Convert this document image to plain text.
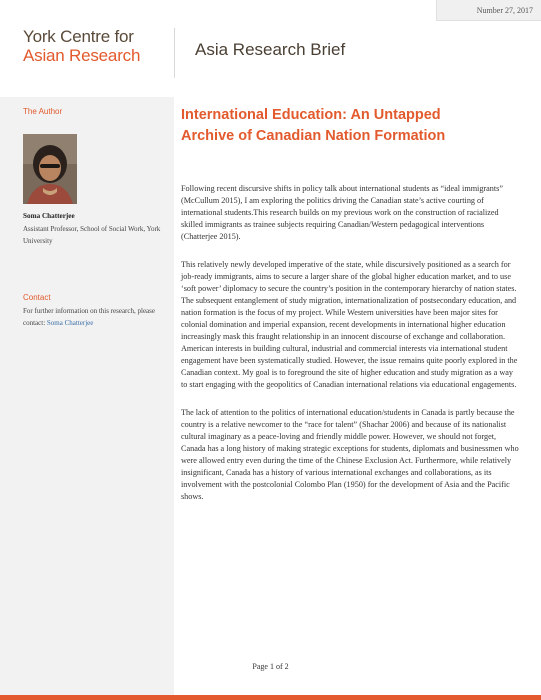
Number 27, 2017
York Centre for
Asian Research	Asia Research Brief
The Author
Soma Chatterjee
Assistant Professor, School of Social Work, York University
Contact
For further information on this research, please contact: Soma Chatterjee
International Education: An Untapped
Archive of Canadian Nation Formation

Following recent discursive shifts in policy talk about international students as “ideal immigrants” (McCullum 2015), I am exploring the politics driving the Canadian state’s active courting of international students.This research builds on my previous work on the construction of racialized skilled immigrants as trainee subjects requiring Canadian/Western pedagogical interventions (Chatterjee 2015).

This relatively newly developed imperative of the state, while discursively positioned as a search for job-ready immigrants, aims to secure a larger share of the global higher education market, and to use ‘soft power’ diplomacy to secure the country’s position in the contemporary hierarchy of nation states. The subsequent entanglement of study migration, internationalization of postsecondary education, and nation formation is the focus of my project. While Western universities have been major sites for colonial domination and imperial expansion, recent developments in international higher education increasingly mask this fraught relationship in an innocent discourse of exchange and collaboration. American interests in building cultural, industrial and commercial interests via international student engagement have been systematically studied. However, the issue remains quite poorly explored in the Canadian context. My goal is to foreground the site of higher education and study migration as a way to start engaging with the geopolitics of Canadian international relations via educational engagements.

The lack of attention to the politics of international education/students in Canada is partly because the country is a relative newcomer to the “race for talent” (Shachar 2006) and because of its nationalist cultural imaginary as a peace-loving and friendly middle power. However, we should not forget, Canada has a long history of making strategic exceptions for students, diplomats and businessmen who were allowed entry even during the time of the Chinese Exclusion Act. Furthermore, while relatively insignificant, Canada has a history of various international exchanges and collaborations, as its involvement with the postcolonial Colombo Plan (1950) for the development of Asia and the Pacific shows.

Page 1 of 2
